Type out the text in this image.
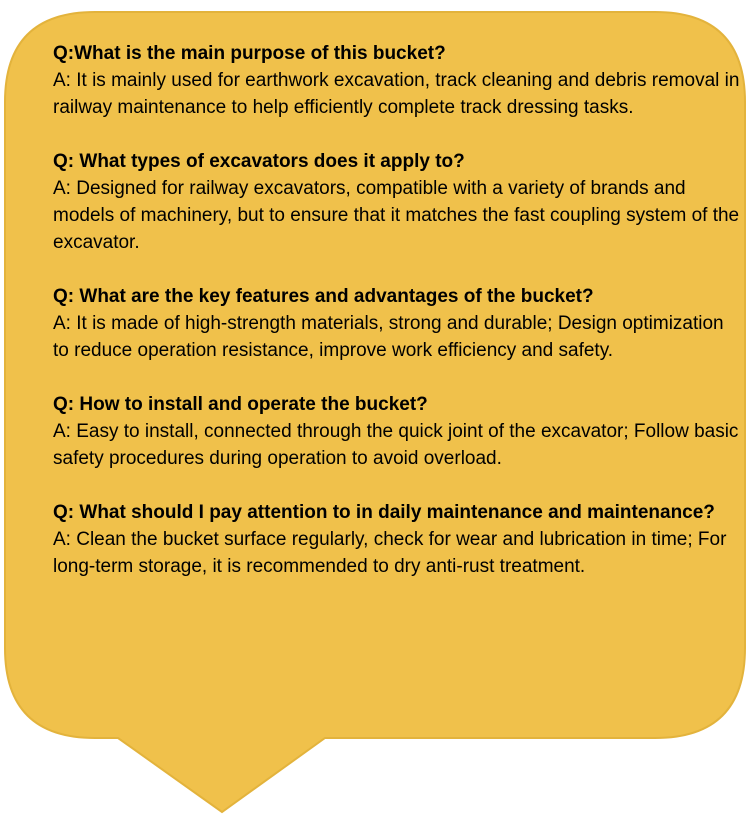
Q:What is the main purpose of this bucket?
A: It is mainly used for earthwork excavation, track cleaning and debris removal in railway maintenance to help efficiently complete track dressing tasks.
Q: What types of excavators does it apply to?
A: Designed for railway excavators, compatible with a variety of brands and models of machinery, but to ensure that it matches the fast coupling system of the excavator.
Q: What are the key features and advantages of the bucket?
A: It is made of high-strength materials, strong and durable; Design optimization to reduce operation resistance, improve work efficiency and safety.
Q: How to install and operate the bucket?
A: Easy to install, connected through the quick joint of the excavator; Follow basic safety procedures during operation to avoid overload.
Q: What should I pay attention to in daily maintenance and maintenance?
A: Clean the bucket surface regularly, check for wear and lubrication in time; For long-term storage, it is recommended to dry anti-rust treatment.
